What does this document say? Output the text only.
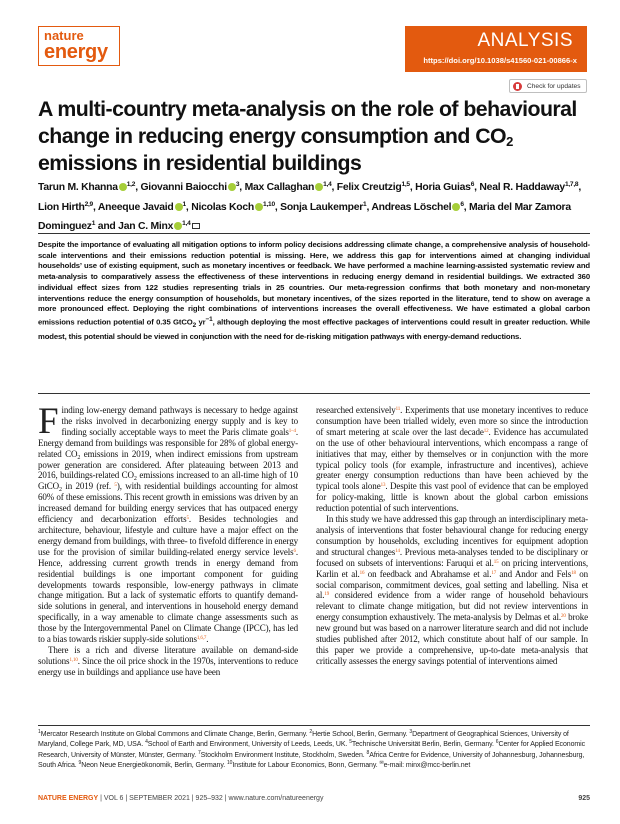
nature
energy
ANALYSIS
https://doi.org/10.1038/s41560-021-00866-x
Check for updates
A multi-country meta-analysis on the role of behavioural change in reducing energy consumption and $CO_2$ emissions in residential buildings
Tarun M. Khanna $^{1,2}$, Giovanni Baiocchi $^3$, Max Callaghan $^{1,4}$, Felix Creutzig$^{1,5}$, Horia Guias$^6$, Neal R. Haddaway$^{1,7,8}$, Lion Hirth$^{2,9}$, Aneeque Javaid $^1$, Nicolas Koch $^{1,10}$, Sonja Laukemper$^1$, Andreas Löschel $^6$, Maria del Mar Zamora Dominguez$^1$ and Jan C. Minx $^{1,4}$

Despite the importance of evaluating all mitigation options to inform policy decisions addressing climate change, a comprehensive analysis of household-scale interventions and their emissions reduction potential is missing. Here, we address this gap for interventions aimed at changing individual households’ use of existing equipment, such as monetary incentives or feedback. We have performed a machine learning-assisted systematic review and meta-analysis to comparatively assess the effectiveness of these interventions in reducing energy demand in residential buildings. We extracted 360 individual effect sizes from 122 studies representing trials in 25 countries. Our meta-regression confirms that both monetary and non-monetary interventions reduce the energy consumption of households, but monetary incentives, of the sizes reported in the literature, tend to show on average a more pronounced effect. Deploying the right combinations of interventions increases the overall effectiveness. We have estimated a global carbon emissions reduction potential of 0.35 GtCO$_2$ $yr^{-1}$, although deploying the most effective packages of interventions could result in greater reduction. While modest, this potential should be viewed in conjunction with the need for de-risking mitigation pathways with energy-demand reductions.

Finding low-energy demand pathways is necessary to hedge against the risks involved in decarbonizing energy supply and is key to finding socially acceptable ways to meet the Paris climate goals$^{1-4}$. Energy demand from buildings was responsible for 28% of global energy-related $CO_2$ emissions in 2019, when indirect emissions from upstream power generation are considered. After plateauing between 2013 and 2016, buildings-related $CO_2$ emissions increased to an all-time high of 10 GtCO$_2$ in 2019 (ref. $^5$), with residential buildings accounting for almost 60% of these emissions. This recent growth in emissions was driven by an increased demand for building energy services that has outpaced energy efficiency and decarbonization efforts$^5$. Besides technologies and architecture, behaviour, lifestyle and culture have a major effect on the energy demand from buildings, with three- to fivefold difference in energy use for the provision of similar building-related energy service levels$^6$. Hence, addressing current growth trends in energy demand from residential buildings is one important component for guiding developments towards responsible, low-energy pathways in climate change mitigation. But a lack of systematic efforts to quantify demand-side solutions in general, and interventions in household energy demand specifically, in a way amenable to climate change assessments such as those by the Intergovernmental Panel on Climate Change (IPCC), has led to a bias towards riskier supply-side solutions$^{1,6,7}$.

There is a rich and diverse literature available on demand-side solutions$^{1,10}$. Since the oil price shock in the 1970s, interventions to reduce energy use in buildings and appliance use have been

researched extensively$^{11}$. Experiments that use monetary incentives to reduce consumption have been trialled widely, even more so since the introduction of smart metering at scale over the last decade$^{12}$. Evidence has accumulated on the use of other behavioural interventions, which encompass a range of initiatives that may, either by themselves or in conjunction with the more typical policy tools (for example, infrastructure and incentives), achieve greater energy consumption reductions than have been achieved by the typical tools alone$^{13}$. Despite this vast pool of evidence that can be employed for policy-making, little is known about the global carbon emissions reduction potential of such interventions.

In this study we have addressed this gap through an interdisciplinary meta-analysis of interventions that foster behavioural change for reducing energy consumption by households, excluding incentives for equipment adoption and structural changes$^{14}$. Previous meta-analyses tended to be disciplinary or focused on subsets of interventions: Faruqui et al.$^{15}$ on pricing interventions, Karlin et al.$^{16}$ on feedback and Abrahamse et al.$^{17}$ and Andor and Fels$^{18}$ on social comparison, commitment devices, goal setting and labelling. Nisa et al.$^{19}$ considered evidence from a wider range of household behaviours relevant to climate change mitigation, but did not review interventions in energy consumption exhaustively. The meta-analysis by Delmas et al.$^{20}$ broke new ground but was based on a narrower literature search and did not include studies published after 2012, which constitute about half of our sample. In this paper we provide a comprehensive, up-to-date meta-analysis that critically assesses the energy savings potential of interventions aimed

$^1$Mercator Research Institute on Global Commons and Climate Change, Berlin, Germany. $^2$Hertie School, Berlin, Germany. $^3$Department of Geographical Sciences, University of Maryland, College Park, MD, USA. $^4$School of Earth and Environment, University of Leeds, Leeds, UK. $^5$Technische Universität Berlin, Berlin, Germany. $^6$Center for Applied Economic Research, University of Münster, Münster, Germany. $^7$Stockholm Environment Institute, Stockholm, Sweden. $^8$Africa Centre for Evidence, University of Johannesburg, Johannesburg, South Africa. $^9$Neon Neue Energieökonomik, Berlin, Germany. $^{10}$Institute for Labour Economics, Bonn, Germany. ✉e-mail: minx@mcc-berlin.net

NATURE ENERGY | VOL 6 | SEPTEMBER 2021 | 925–932 | www.nature.com/natureenergy	925
